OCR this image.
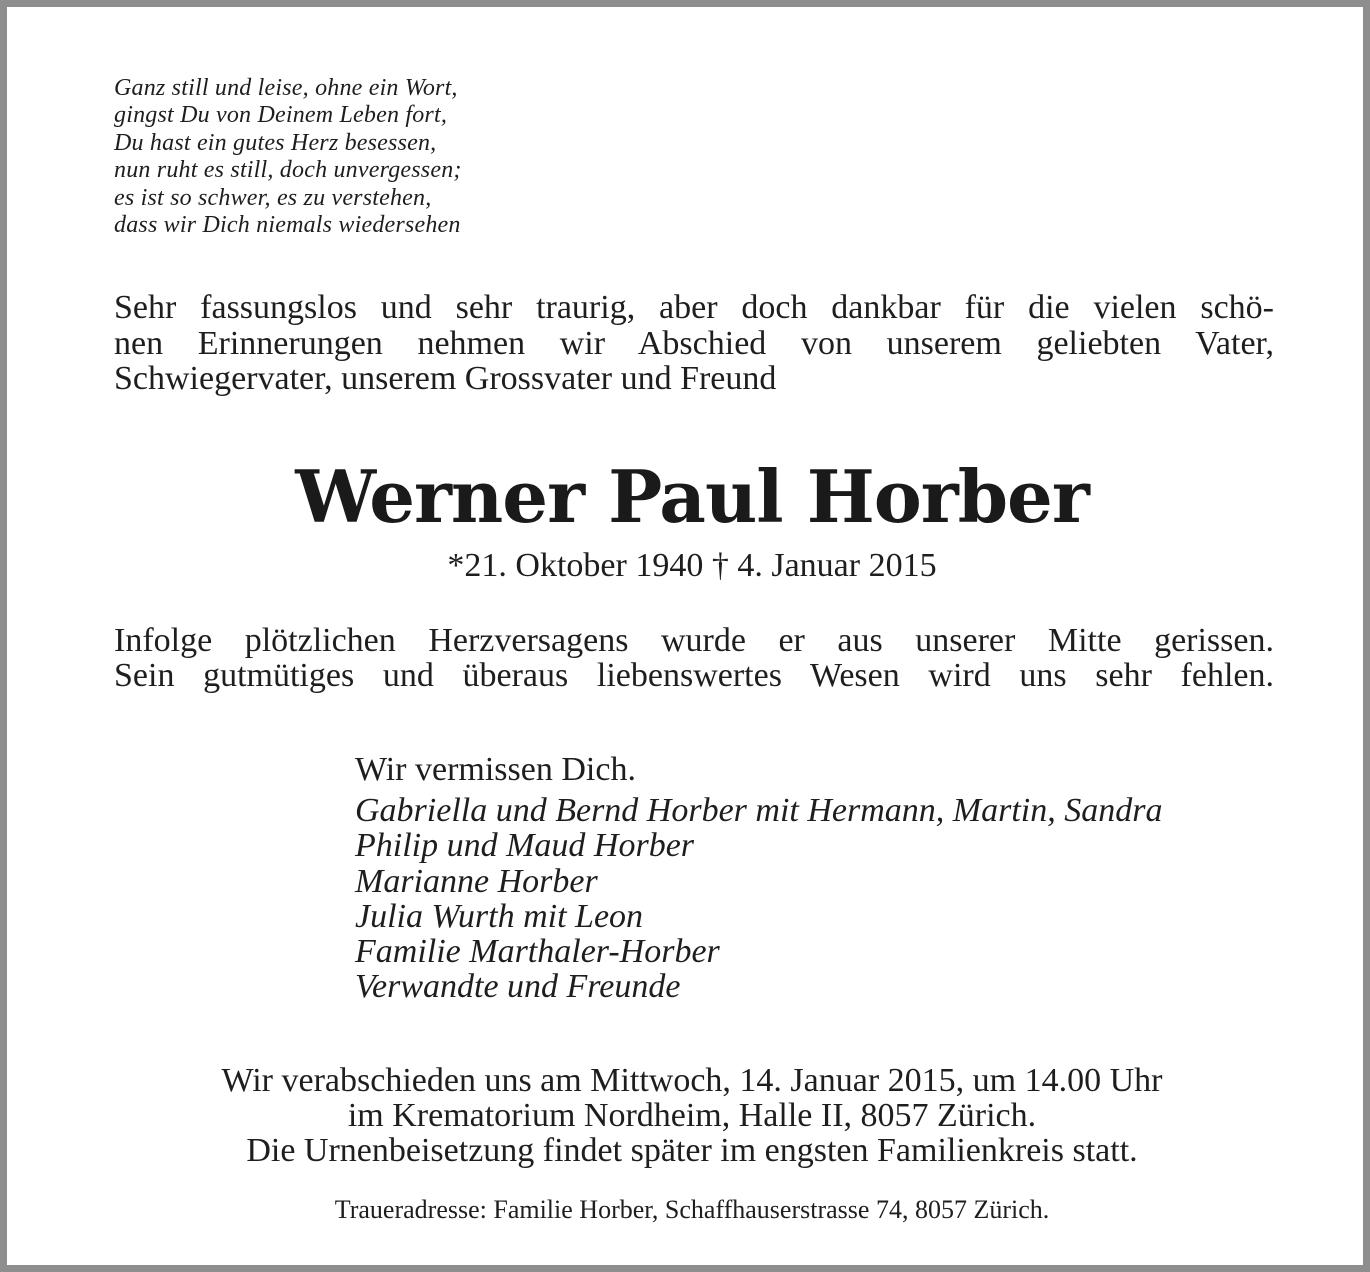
Ganz still und leise, ohne ein Wort,
gingst Du von Deinem Leben fort,
Du hast ein gutes Herz besessen,
nun ruht es still, doch unvergessen;
es ist so schwer, es zu verstehen,
dass wir Dich niemals wiedersehen
Sehr fassungslos und sehr traurig, aber doch dankbar für die vielen schö-
nen Erinnerungen nehmen wir Abschied von unserem geliebten Vater,
Schwiegervater, unserem Grossvater und Freund
Werner Paul Horber
*21. Oktober 1940 † 4. Januar 2015
Infolge plötzlichen Herzversagens wurde er aus unserer Mitte gerissen.
Sein gutmütiges und überaus liebenswertes Wesen wird uns sehr fehlen.
Wir vermissen Dich.
Gabriella und Bernd Horber mit Hermann, Martin, Sandra
Philip und Maud Horber
Marianne Horber
Julia Wurth mit Leon
Familie Marthaler-Horber
Verwandte und Freunde
Wir verabschieden uns am Mittwoch, 14. Januar 2015, um 14.00 Uhr
im Krematorium Nordheim, Halle II, 8057 Zürich.
Die Urnenbeisetzung findet später im engsten Familienkreis statt.
Traueradresse: Familie Horber, Schaffhauserstrasse 74, 8057 Zürich.
